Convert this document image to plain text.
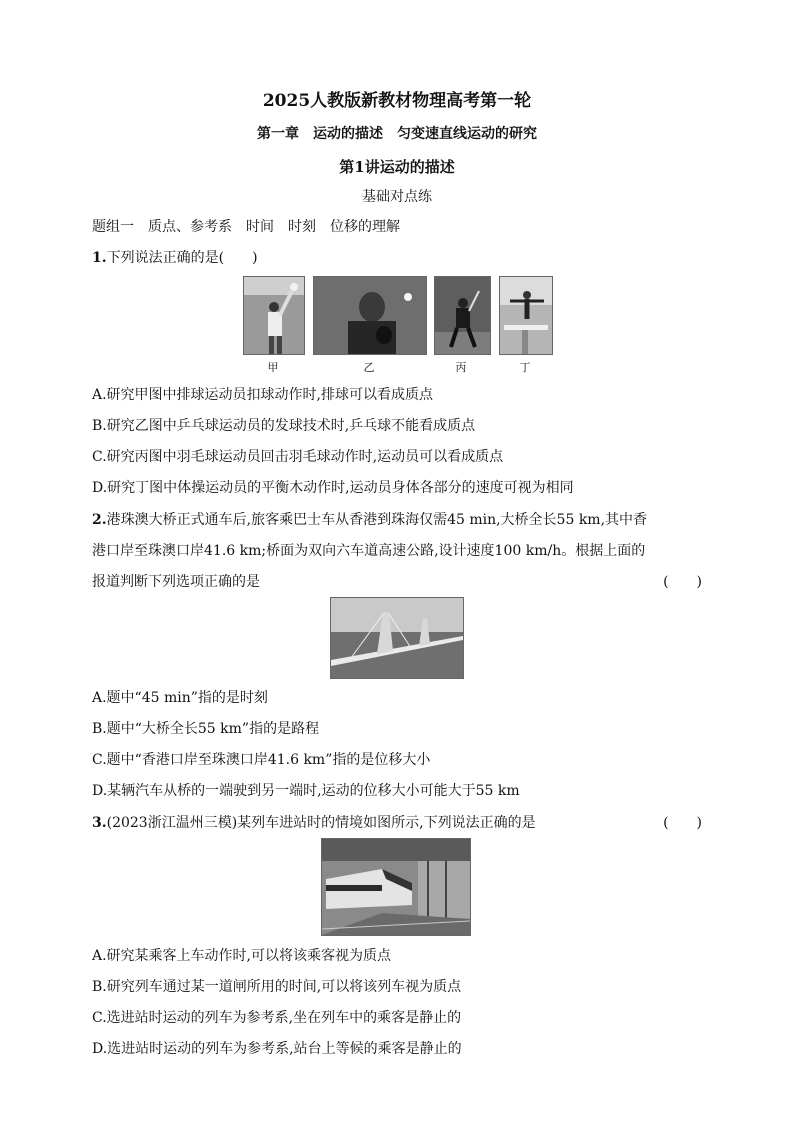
2025人教版新教材物理高考第一轮
第一章　运动的描述　匀变速直线运动的研究
第1讲运动的描述
基础对点练
题组一　质点、参考系　时间　时刻　位移的理解
1.下列说法正确的是(　　)
甲	乙	丙	丁
A.研究甲图中排球运动员扣球动作时,排球可以看成质点
B.研究乙图中乒乓球运动员的发球技术时,乒乓球不能看成质点
C.研究丙图中羽毛球运动员回击羽毛球动作时,运动员可以看成质点
D.研究丁图中体操运动员的平衡木动作时,运动员身体各部分的速度可视为相同
2.港珠澳大桥正式通车后,旅客乘巴士车从香港到珠海仅需45 min,大桥全长55 km,其中香
港口岸至珠澳口岸41.6 km;桥面为双向六车道高速公路,设计速度100 km/h。根据上面的
报道判断下列选项正确的是	(　　)
A.题中“45 min”指的是时刻
B.题中“大桥全长55 km”指的是路程
C.题中“香港口岸至珠澳口岸41.6 km”指的是位移大小
D.某辆汽车从桥的一端驶到另一端时,运动的位移大小可能大于55 km
3.(2023浙江温州三模)某列车进站时的情境如图所示,下列说法正确的是	(　　)
A.研究某乘客上车动作时,可以将该乘客视为质点
B.研究列车通过某一道闸所用的时间,可以将该列车视为质点
C.选进站时运动的列车为参考系,坐在列车中的乘客是静止的
D.选进站时运动的列车为参考系,站台上等候的乘客是静止的
